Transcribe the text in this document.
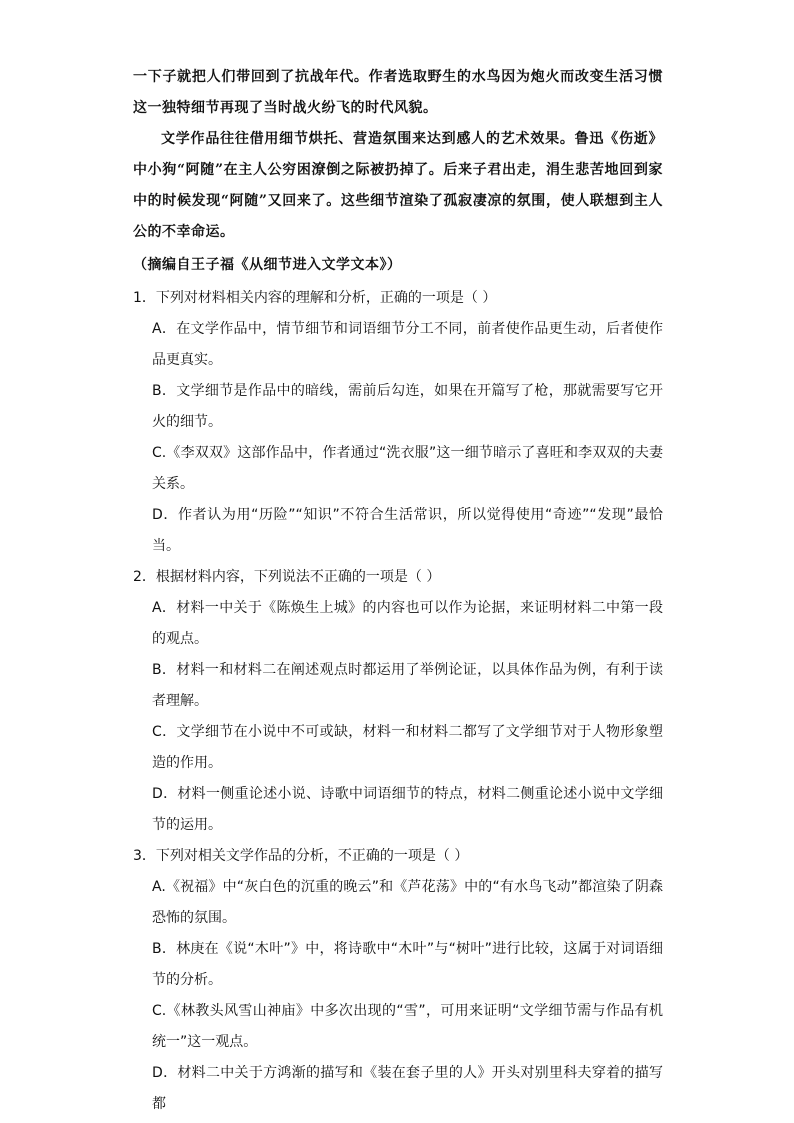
一下子就把人们带回到了抗战年代。作者选取野生的水鸟因为炮火而改变生活习惯这一独特细节再现了当时战火纷飞的时代风貌。

文学作品往往借用细节烘托、营造氛围来达到感人的艺术效果。鲁迅《伤逝》中小狗“阿随”在主人公穷困潦倒之际被扔掉了。后来子君出走，涓生悲苦地回到家中的时候发现“阿随”又回来了。这些细节渲染了孤寂凄凉的氛围，使人联想到主人公的不幸命运。

（摘编自王子福《从细节进入文学文本》）

1．下列对材料相关内容的理解和分析，正确的一项是（ ）

A．在文学作品中，情节细节和词语细节分工不同，前者使作品更生动，后者使作品更真实。

B．文学细节是作品中的暗线，需前后勾连，如果在开篇写了枪，那就需要写它开火的细节。

C.《李双双》这部作品中，作者通过“洗衣服”这一细节暗示了喜旺和李双双的夫妻关系。

D．作者认为用“历险”“知识”不符合生活常识，所以觉得使用“奇迹”“发现”最恰当。

2．根据材料内容，下列说法不正确的一项是（ ）

A．材料一中关于《陈焕生上城》的内容也可以作为论据，来证明材料二中第一段的观点。

B．材料一和材料二在阐述观点时都运用了举例论证，以具体作品为例，有利于读者理解。

C．文学细节在小说中不可或缺，材料一和材料二都写了文学细节对于人物形象塑造的作用。

D．材料一侧重论述小说、诗歌中词语细节的特点，材料二侧重论述小说中文学细节的运用。

3．下列对相关文学作品的分析，不正确的一项是（ ）

A.《祝福》中“灰白色的沉重的晚云”和《芦花荡》中的“有水鸟飞动”都渲染了阴森恐怖的氛围。

B．林庚在《说“木叶”》中，将诗歌中“木叶”与“树叶”进行比较，这属于对词语细节的分析。

C.《林教头风雪山神庙》中多次出现的“雪”，可用来证明“文学细节需与作品有机统一”这一观点。

D．材料二中关于方鸿渐的描写和《装在套子里的人》开头对别里科夫穿着的描写都
